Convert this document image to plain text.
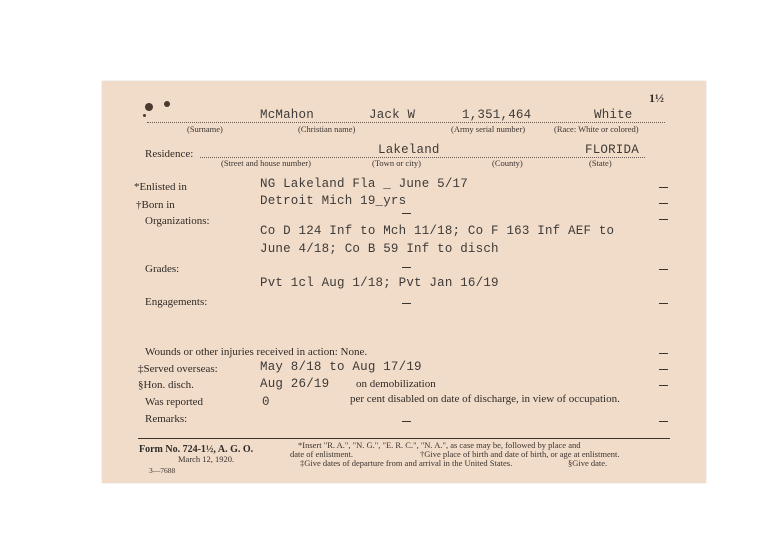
1½
McMahon	Jack W	1,351,464	White
(Surname)	(Christian name)	(Army serial number)	(Race: White or colored)
Residence:	Lakeland	FLORIDA
(Street and house number)	(Town or city)	(County)	(State)
*Enlisted in	NG Lakeland Fla _ June 5/17
†Born in	Detroit Mich 19_yrs
Organizations:
Co D 124 Inf to Mch 11/18; Co F 163 Inf AEF to
June 4/18; Co B 59 Inf to disch
Grades:
Pvt 1cl Aug 1/18; Pvt Jan 16/19
Engagements:
Wounds or other injuries received in action: None.
‡Served overseas:	May 8/18 to Aug 17/19
§Hon. disch.	Aug 26/19 on demobilization
Was reported	0	per cent disabled on date of discharge, in view of occupation.
Remarks:
Form No. 724-1½, A. G. O.
March 12, 1920.
3—7688
*Insert "R. A.", "N. G.", "E. R. C.", "N. A.", as case may be, followed by place and
date of enlistment.	†Give place of birth and date of birth, or age at enlistment.
‡Give dates of departure from and arrival in the United States.	§Give date.
